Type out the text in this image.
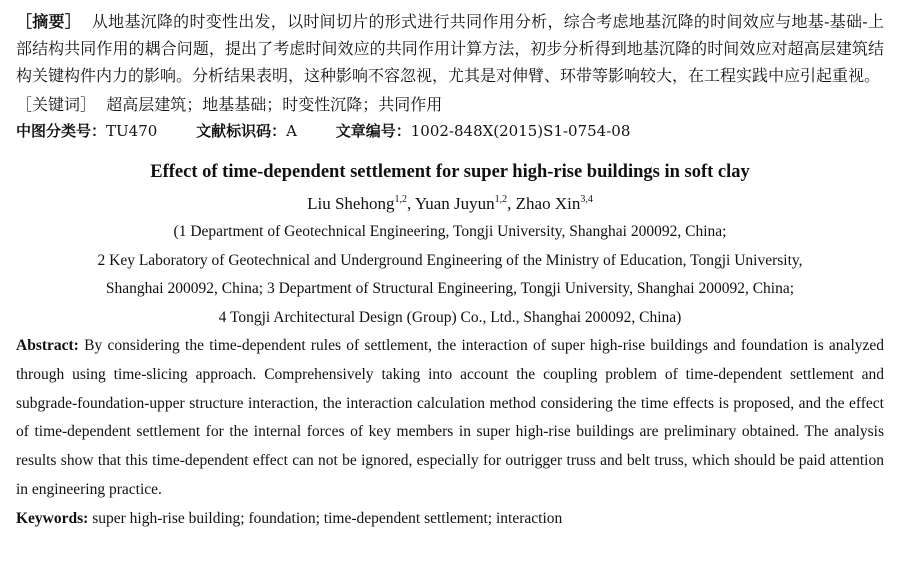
［摘要］ 从地基沉降的时变性出发，以时间切片的形式进行共同作用分析，综合考虑地基沉降的时间效应与地基-基础-上部结构共同作用的耦合问题，提出了考虑时间效应的共同作用计算方法，初步分析得到地基沉降的时间效应对超高层建筑结构关键构件内力的影响。分析结果表明，这种影响不容忽视，尤其是对伸臂、环带等影响较大，在工程实践中应引起重视。

［关键词］ 超高层建筑；地基基础；时变性沉降；共同作用

中图分类号：TU470	文献标识码：A	文章编号：1002-848X(2015)S1-0754-08

Effect of time-dependent settlement for super high-rise buildings in soft clay

Liu Shehong$^{1,2}$, Yuan Juyun$^{1,2}$, Zhao Xin$^{3,4}$

(1 Department of Geotechnical Engineering, Tongji University, Shanghai 200092, China;

2 Key Laboratory of Geotechnical and Underground Engineering of the Ministry of Education, Tongji University,

Shanghai 200092, China; 3 Department of Structural Engineering, Tongji University, Shanghai 200092, China;

4 Tongji Architectural Design (Group) Co., Ltd., Shanghai 200092, China)

Abstract: By considering the time-dependent rules of settlement, the interaction of super high-rise buildings and foundation is analyzed through using time-slicing approach. Comprehensively taking into account the coupling problem of time-dependent settlement and subgrade-foundation-upper structure interaction, the interaction calculation method considering the time effects is proposed, and the effect of time-dependent settlement for the internal forces of key members in super high-rise buildings are preliminary obtained. The analysis results show that this time-dependent effect can not be ignored, especially for outrigger truss and belt truss, which should be paid attention in engineering practice.

Keywords: super high-rise building; foundation; time-dependent settlement; interaction
